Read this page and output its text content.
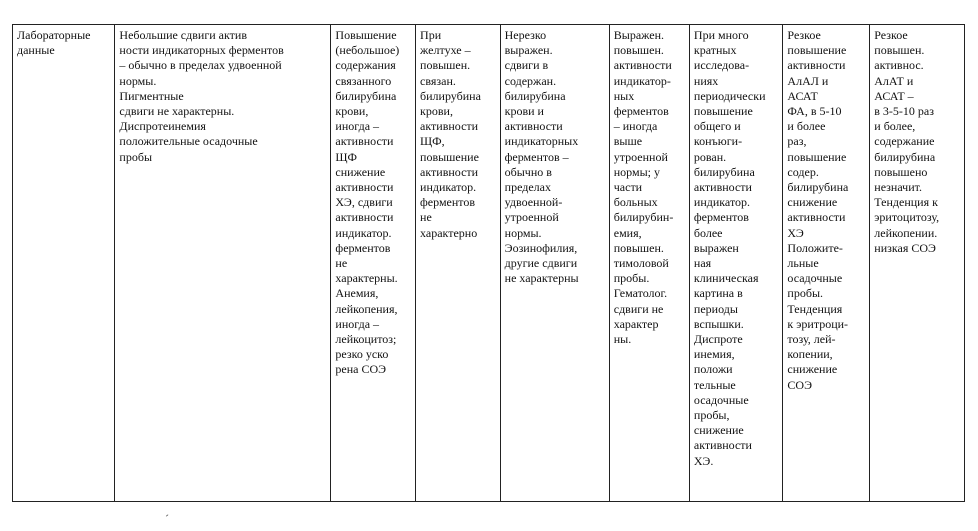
Лабораторные
данные	Небольшие сдвиги актив
ности индикаторных ферментов
– обычно в пределах удвоенной
нормы.
Пигментные
сдвиги не характерны.
Диспротеинемия
положительные осадочные
пробы	Повышение
(небольшое)
содержания
связанного
билирубина
крови,
иногда –
активности
ЩФ
снижение
активности
ХЭ, сдвиги
активности
индикатор.
ферментов
не
характерны.
Анемия,
лейкопения,
иногда –
лейкоцитоз;
резко уско
рена СОЭ	При
желтухе –
повышен.
связан.
билирубина
крови,
активности
ЩФ,
повышение
активности
индикатор.
ферментов
не
характерно	Нерезко
выражен.
сдвиги в
содержан.
билирубина
крови и
активности
индикаторных
ферментов –
обычно в
пределах
удвоенной-
утроенной
нормы.
Эозинофилия,
другие сдвиги
не характерны	Выражен.
повышен.
активности
индикатор-
ных
ферментов
– иногда
выше
утроенной
нормы; у
части
больных
билирубин-
емия,
повышен.
тимоловой
пробы.
Гематолог.
сдвиги не
характер
ны.	При много
кратных
исследова-
ниях
периодически
повышение
общего и
конъюги-
рован.
билирубина
активности
индикатор.
ферментов
более
выражен
ная
клиническая
картина в
периоды
вспышки.
Диспроте
инемия,
положи
тельные
осадочные
пробы,
снижение
активности
ХЭ.	Резкое
повышение
активности
АлАЛ и
АСАТ
ФА, в 5-10
и более
раз,
повышение
содер.
билирубина
снижение
активности
ХЭ
Положите-
льные
осадочные
пробы.
Тенденция
к эритроци-
тозу, лей-
копении,
снижение
СОЭ	Резкое
повышен.
активнос.
АлАТ и
АСАТ –
в 3-5-10 раз
и более,
содержание
билирубина
повышено
незначит.
Тенденция к
эритоцитозу,
лейкопении.
низкая СОЭ
´
